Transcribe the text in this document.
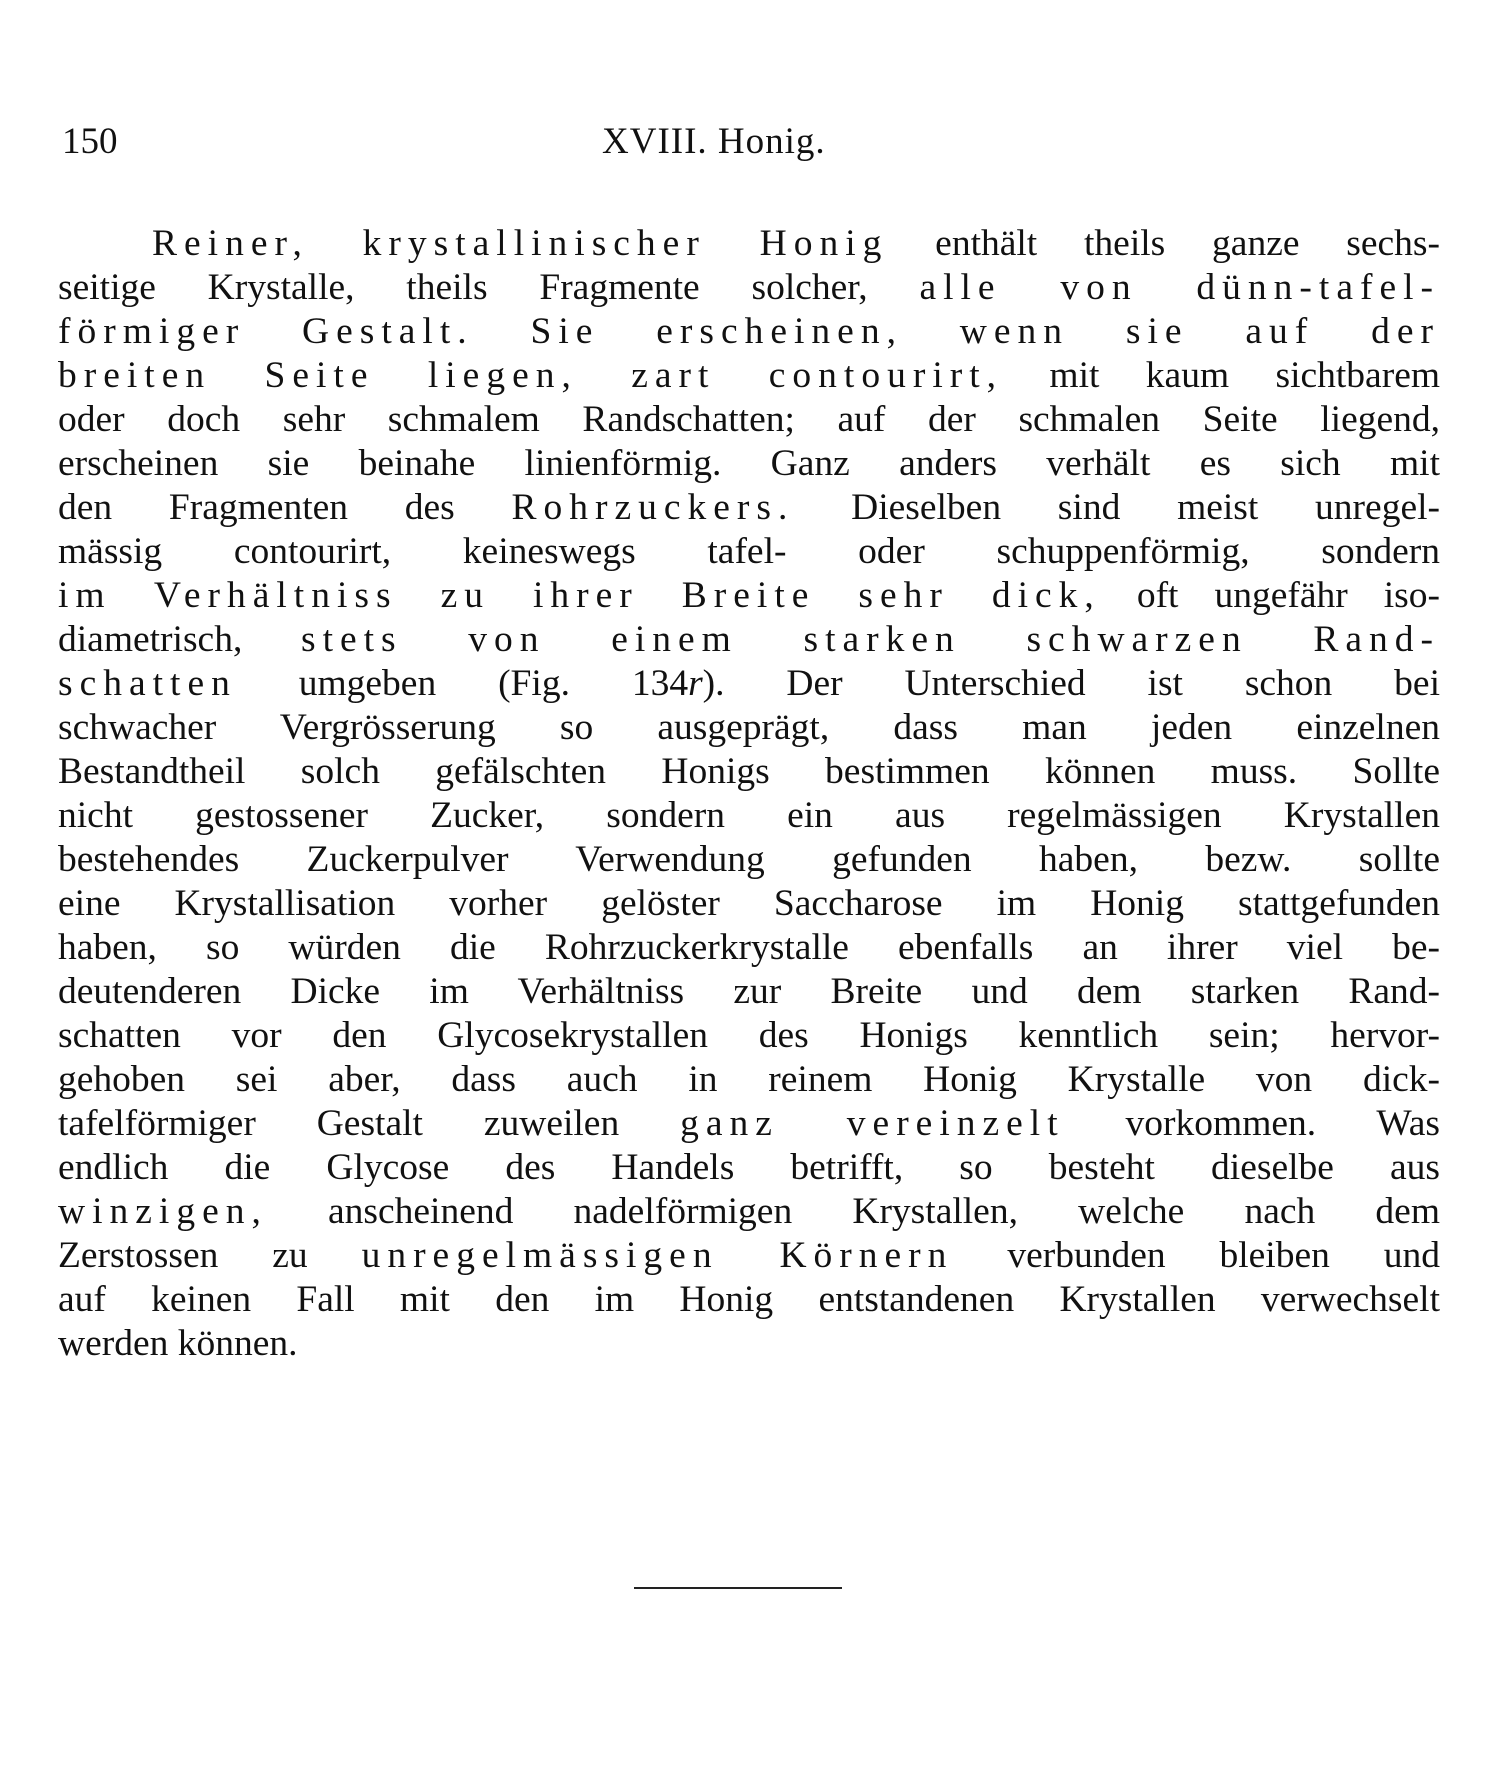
150	XVIII. Honig.
Reiner, krystallinischer Honig enthält theils ganze sechs-
seitige Krystalle, theils Fragmente solcher, alle von dünn-tafel-
förmiger Gestalt. Sie erscheinen, wenn sie auf der
breiten Seite liegen, zart contourirt, mit kaum sichtbarem
oder doch sehr schmalem Randschatten; auf der schmalen Seite liegend,
erscheinen sie beinahe linienförmig. Ganz anders verhält es sich mit
den Fragmenten des Rohrzuckers. Dieselben sind meist unregel-
mässig contourirt, keineswegs tafel- oder schuppenförmig, sondern
im Verhältniss zu ihrer Breite sehr dick, oft ungefähr iso-
diametrisch, stets von einem starken schwarzen Rand-
schatten umgeben (Fig. 134r). Der Unterschied ist schon bei
schwacher Vergrösserung so ausgeprägt, dass man jeden einzelnen
Bestandtheil solch gefälschten Honigs bestimmen können muss. Sollte
nicht gestossener Zucker, sondern ein aus regelmässigen Krystallen
bestehendes Zuckerpulver Verwendung gefunden haben, bezw. sollte
eine Krystallisation vorher gelöster Saccharose im Honig stattgefunden
haben, so würden die Rohrzuckerkrystalle ebenfalls an ihrer viel be-
deutenderen Dicke im Verhältniss zur Breite und dem starken Rand-
schatten vor den Glycosekrystallen des Honigs kenntlich sein; hervor-
gehoben sei aber, dass auch in reinem Honig Krystalle von dick-
tafelförmiger Gestalt zuweilen ganz vereinzelt vorkommen. Was
endlich die Glycose des Handels betrifft, so besteht dieselbe aus
winzigen, anscheinend nadelförmigen Krystallen, welche nach dem
Zerstossen zu unregelmässigen Körnern verbunden bleiben und
auf keinen Fall mit den im Honig entstandenen Krystallen verwechselt
werden können.
